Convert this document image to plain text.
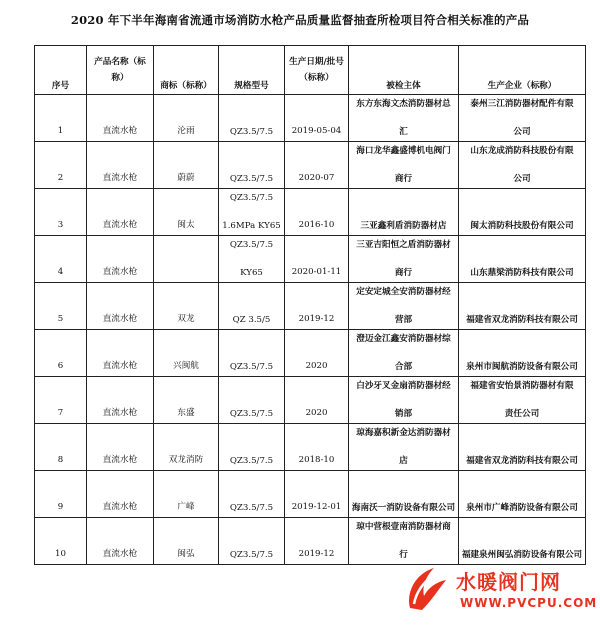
2020 年下半年海南省流通市场消防水枪产品质量监督抽查所检项目符合相关标准的产品
序号	产品名称（标
称）	商标（标称）	规格型号	生产日期/批号
（标称）	被检主体	生产企业（标称）

1	直流水枪	沦雨	QZ3.5/7.5	2019-05-04	东方东海文杰消防器材总
汇	泰州三江消防器材配件有限
公司

2	直流水枪	蔚蔚	QZ3.5/7.5	2020-07	海口龙华鑫盛博机电阀门
商行	山东龙成消防科技股份有限
公司

3	直流水枪	闽太	QZ3.5/7.5
1.6MPa KY65	2016-10	三亚鑫利盾消防器材店	闽太消防科技股份有限公司

4	直流水枪		QZ3.5/7.5
KY65	2020-01-11	三亚吉阳恒之盾消防器材
商行	山东鼎梁消防科技有限公司

5	直流水枪	双龙	QZ 3.5/5	2019-12	定安定城全安消防器材经
营部	福建省双龙消防科技有限公司

6	直流水枪	兴闽航	QZ3.5/7.5	2020	澄迈金江鑫安消防器材综
合部	泉州市闽航消防设备有限公司

7	直流水枪	东盛	QZ3.5/7.5	2020	白沙牙叉金扇消防器材经
销部	福建省安怡景消防器材有限
责任公司

8	直流水枪	双龙消防	QZ3.5/7.5	2018-10	琼海嘉积新金达消防器材
店	福建省双龙消防科技有限公司

9	直流水枪	广峰	QZ3.5/7.5	2019-12-01	海南沃一消防设备有限公司	泉州市广峰消防设备有限公司

10	直流水枪	闽弘	QZ3.5/7.5	2019-12	琼中营根壹南消防器材商
行	福建泉州闽弘消防设备有限公司
水暖阀门网
WWW.PVCPU.COM
